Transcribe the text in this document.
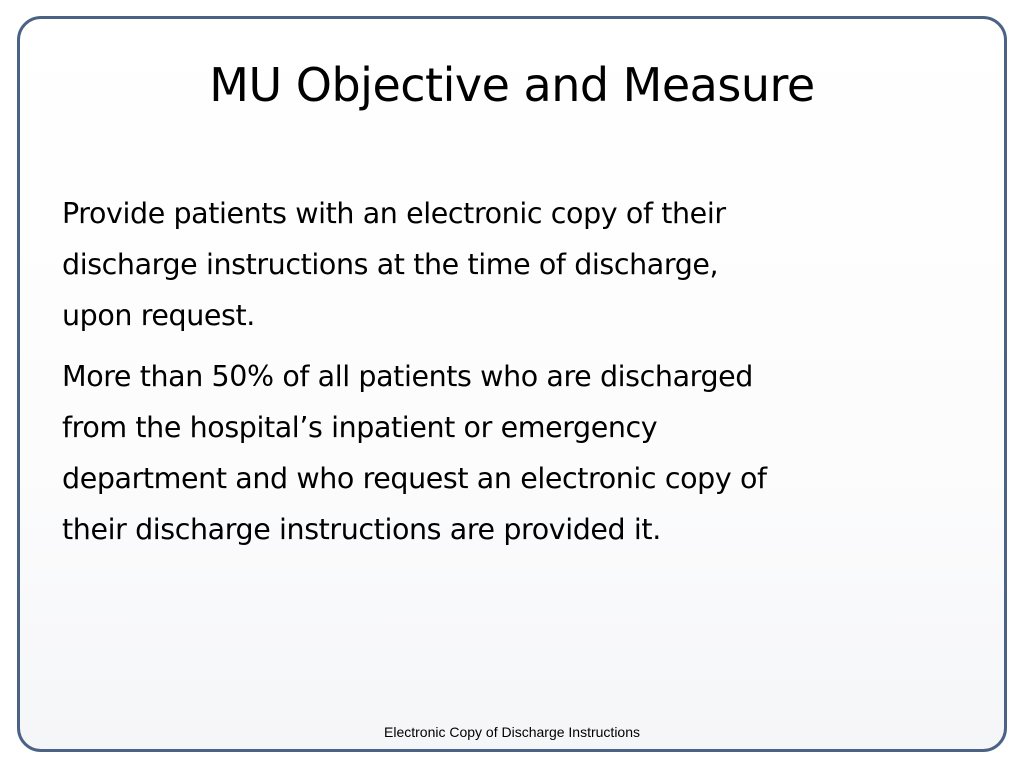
MU Objective and Measure

Provide patients with an electronic copy of their
discharge instructions at the time of discharge,
upon request.

More than 50% of all patients who are discharged
from the hospital’s inpatient or emergency
department and who request an electronic copy of
their discharge instructions are provided it.

Electronic Copy of Discharge Instructions
